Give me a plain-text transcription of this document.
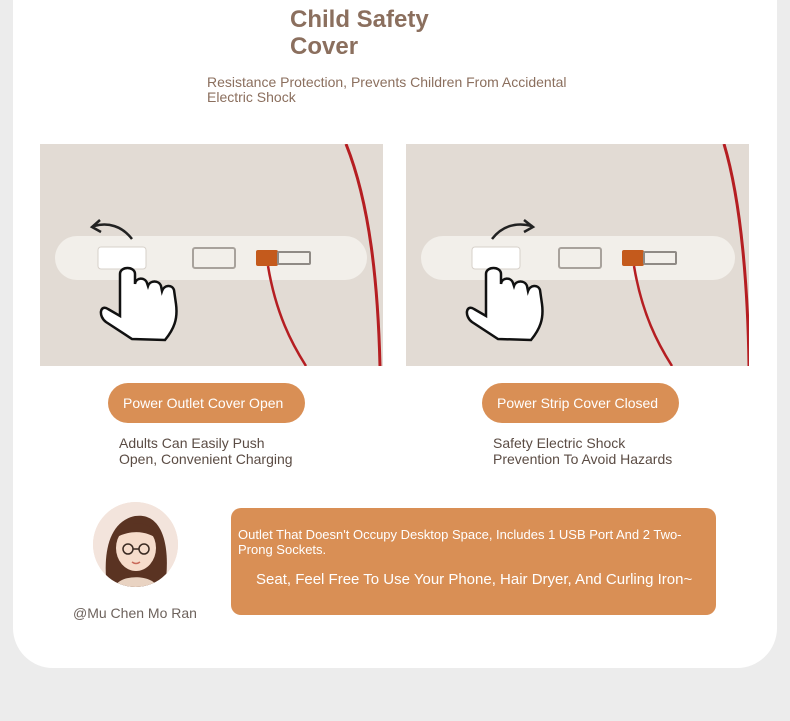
Child Safety
Cover

Resistance Protection, Prevents Children From Accidental Electric Shock

Power Outlet Cover Open	Power Strip Cover Closed
Adults Can Easily Push
Open, Convenient Charging
Safety Electric Shock
Prevention To Avoid Hazards
@Mu Chen Mo Ran
Outlet That Doesn't Occupy Desktop Space, Includes 1 USB Port And 2 Two-Prong Sockets.
Seat, Feel Free To Use Your Phone, Hair Dryer, And Curling Iron~
